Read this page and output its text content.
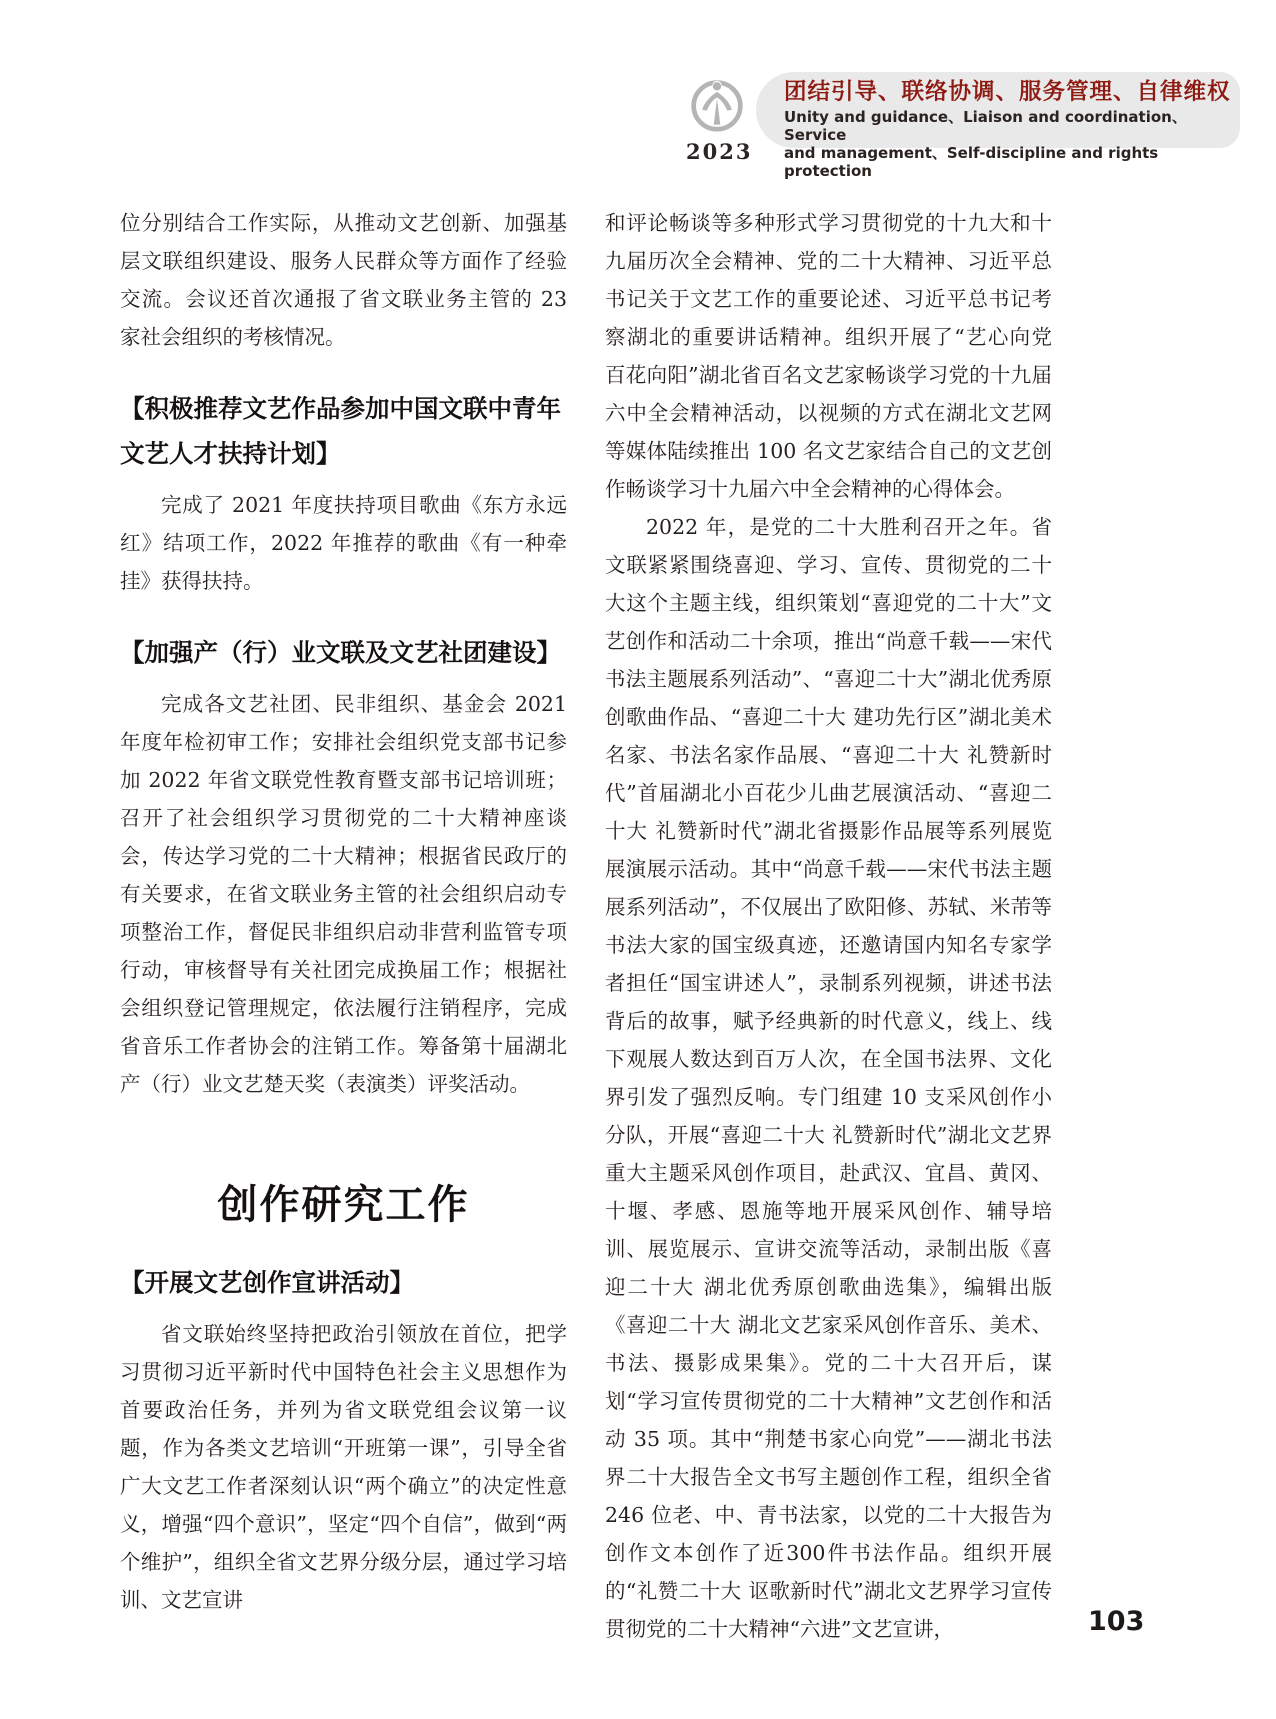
2023
团结引导、联络协调、服务管理、自律维权
Unity and guidance、Liaison and coordination、Service
and management、Self-discipline and rights protection

位分别结合工作实际，从推动文艺创新、加强基层文联组织建设、服务人民群众等方面作了经验交流。会议还首次通报了省文联业务主管的 23 家社会组织的考核情况。

【积极推荐文艺作品参加中国文联中青年文艺人才扶持计划】

完成了 2021 年度扶持项目歌曲《东方永远红》结项工作，2022 年推荐的歌曲《有一种牵挂》获得扶持。

【加强产（行）业文联及文艺社团建设】

完成各文艺社团、民非组织、基金会 2021 年度年检初审工作；安排社会组织党支部书记参加 2022 年省文联党性教育暨支部书记培训班；召开了社会组织学习贯彻党的二十大精神座谈会，传达学习党的二十大精神；根据省民政厅的有关要求，在省文联业务主管的社会组织启动专项整治工作，督促民非组织启动非营利监管专项行动，审核督导有关社团完成换届工作；根据社会组织登记管理规定，依法履行注销程序，完成省音乐工作者协会的注销工作。筹备第十届湖北产（行）业文艺楚天奖（表演类）评奖活动。

创作研究工作
【开展文艺创作宣讲活动】

省文联始终坚持把政治引领放在首位，把学习贯彻习近平新时代中国特色社会主义思想作为首要政治任务，并列为省文联党组会议第一议题，作为各类文艺培训“开班第一课”，引导全省广大文艺工作者深刻认识“两个确立”的决定性意义，增强“四个意识”，坚定“四个自信”，做到“两个维护”，组织全省文艺界分级分层，通过学习培训、文艺宣讲

和评论畅谈等多种形式学习贯彻党的十九大和十九届历次全会精神、党的二十大精神、习近平总书记关于文艺工作的重要论述、习近平总书记考察湖北的重要讲话精神。组织开展了“艺心向党 百花向阳”湖北省百名文艺家畅谈学习党的十九届六中全会精神活动，以视频的方式在湖北文艺网等媒体陆续推出 100 名文艺家结合自己的文艺创作畅谈学习十九届六中全会精神的心得体会。

2022 年，是党的二十大胜利召开之年。省文联紧紧围绕喜迎、学习、宣传、贯彻党的二十大这个主题主线，组织策划“喜迎党的二十大”文艺创作和活动二十余项，推出“尚意千载——宋代书法主题展系列活动”、“喜迎二十大”湖北优秀原创歌曲作品、“喜迎二十大 建功先行区”湖北美术名家、书法名家作品展、“喜迎二十大 礼赞新时代”首届湖北小百花少儿曲艺展演活动、“喜迎二十大 礼赞新时代”湖北省摄影作品展等系列展览展演展示活动。其中“尚意千载——宋代书法主题展系列活动”，不仅展出了欧阳修、苏轼、米芾等书法大家的国宝级真迹，还邀请国内知名专家学者担任“国宝讲述人”，录制系列视频，讲述书法背后的故事，赋予经典新的时代意义，线上、线下观展人数达到百万人次，在全国书法界、文化界引发了强烈反响。专门组建 10 支采风创作小分队，开展“喜迎二十大 礼赞新时代”湖北文艺界重大主题采风创作项目，赴武汉、宜昌、黄冈、十堰、孝感、恩施等地开展采风创作、辅导培训、展览展示、宣讲交流等活动，录制出版《喜迎二十大 湖北优秀原创歌曲选集》，编辑出版《喜迎二十大 湖北文艺家采风创作音乐、美术、书法、摄影成果集》。党的二十大召开后，谋划“学习宣传贯彻党的二十大精神”文艺创作和活动 35 项。其中“荆楚书家心向党”——湖北书法界二十大报告全文书写主题创作工程，组织全省 246 位老、中、青书法家，以党的二十大报告为创作文本创作了近300件书法作品。组织开展的“礼赞二十大 讴歌新时代”湖北文艺界学习宣传贯彻党的二十大精神“六进”文艺宣讲，	103
